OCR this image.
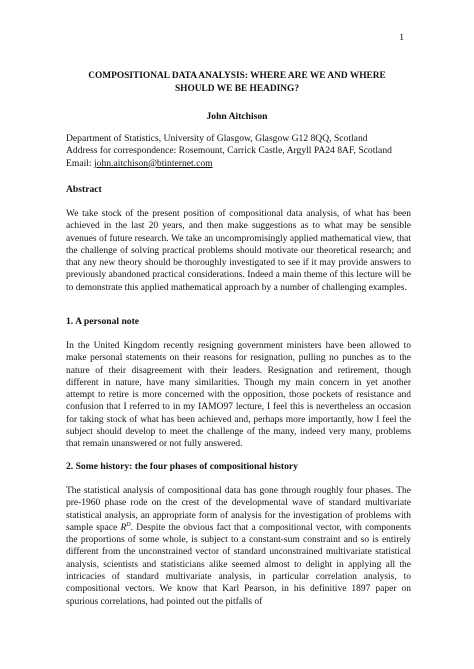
1
COMPOSITIONAL DATA ANALYSIS: WHERE ARE WE AND WHERE
SHOULD WE BE HEADING?
John Aitchison
Department of Statistics, University of Glasgow, Glasgow G12 8QQ, Scotland
Address for correspondence: Rosemount, Carrick Castle, Argyll PA24 8AF, Scotland
Email: john.aitchison@btinternet.com
Abstract
We take stock of the present position of compositional data analysis, of what has been achieved in the last 20 years, and then make suggestions as to what may be sensible avenues of future research. We take an uncompromisingly applied mathematical view, that the challenge of solving practical problems should motivate our theoretical research; and that any new theory should be thoroughly investigated to see if it may provide answers to previously abandoned practical considerations. Indeed a main theme of this lecture will be to demonstrate this applied mathematical approach by a number of challenging examples.
1. A personal note
In the United Kingdom recently resigning government ministers have been allowed to make personal statements on their reasons for resignation, pulling no punches as to the nature of their disagreement with their leaders. Resignation and retirement, though different in nature, have many similarities. Though my main concern in yet another attempt to retire is more concerned with the opposition, those pockets of resistance and confusion that I referred to in my IAMO97 lecture, I feel this is nevertheless an occasion for taking stock of what has been achieved and, perhaps more importantly, how I feel the subject should develop to meet the challenge of the many, indeed very many, problems that remain unanswered or not fully answered.
2. Some history: the four phases of compositional history
The statistical analysis of compositional data has gone through roughly four phases. The pre-1960 phase rode on the crest of the developmental wave of standard multivariate statistical analysis, an appropriate form of analysis for the investigation of problems with sample space $R^D$. Despite the obvious fact that a compositional vector, with components the proportions of some whole, is subject to a constant-sum constraint and so is entirely different from the unconstrained vector of standard unconstrained multivariate statistical analysis, scientists and statisticians alike seemed almost to delight in applying all the intricacies of standard multivariate analysis, in particular correlation analysis, to compositional vectors. We know that Karl Pearson, in his definitive 1897 paper on spurious correlations, had pointed out the pitfalls of
